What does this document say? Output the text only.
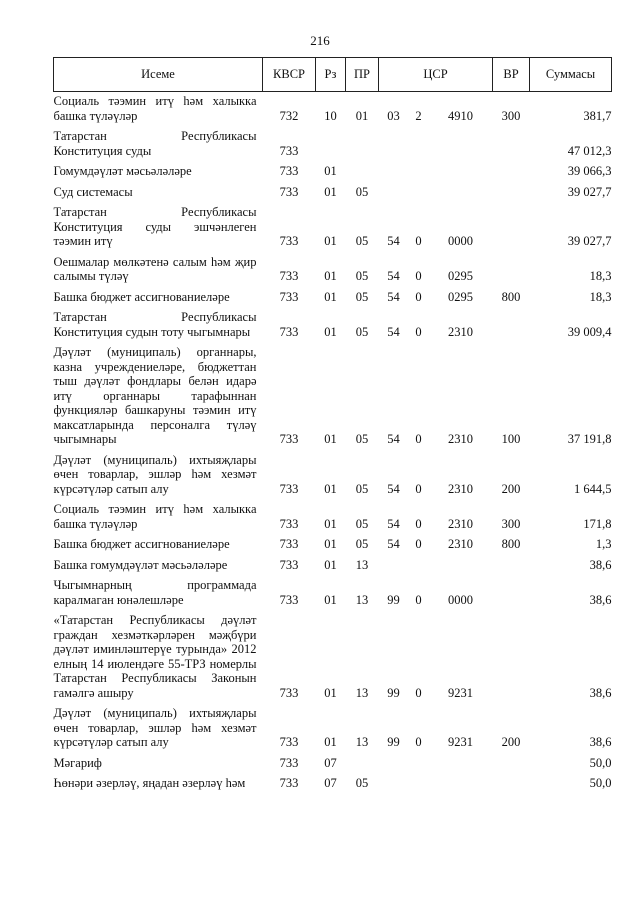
216
Исеме	КВСР	Рз	ПР	ЦСР			ВР	Суммасы
Социаль тәэмин итү һәм халыкка башка түләүләр	732	10	01	03	2	4910	300	381,7
Татарстан Республикасы Конституция суды	733							47 012,3
Гомумдәүләт мәсьәләләре	733	01						39 066,3
Суд системасы	733	01	05					39 027,7
Татарстан Республикасы Конституция суды эшчәнлеген тәэмин итү	733	01	05	54	0	0000		39 027,7
Оешмалар мөлкәтенә салым һәм җир салымы түләү	733	01	05	54	0	0295		18,3
Башка бюджет ассигнованиеләре	733	01	05	54	0	0295	800	18,3
Татарстан Республикасы Конституция судын тоту чыгымнары	733	01	05	54	0	2310		39 009,4
Дәүләт (муниципаль) органнары, казна учреждениеләре, бюджеттан тыш дәүләт фондлары белән идарә итү органнары тарафыннан функцияләр башкаруны тәэмин итү максатларында персоналга түләү чыгымнары	733	01	05	54	0	2310	100	37 191,8
Дәүләт (муниципаль) ихтыяҗлары өчен товарлар, эшләр һәм хезмәт күрсәтүләр сатып алу	733	01	05	54	0	2310	200	1 644,5
Социаль тәэмин итү һәм халыкка башка түләүләр	733	01	05	54	0	2310	300	171,8
Башка бюджет ассигнованиеләре	733	01	05	54	0	2310	800	1,3
Башка гомумдәүләт мәсьәләләре	733	01	13					38,6
Чыгымнарның программада каралмаган юнәлешләре	733	01	13	99	0	0000		38,6
«Татарстан Республикасы дәүләт граждан хезмәткәрләрен мәҗбүри дәүләт иминләштерүе турында» 2012 елның 14 июлендәге 55-ТРЗ номерлы Татарстан Республикасы Законын гамәлгә ашыру	733	01	13	99	0	9231		38,6
Дәүләт (муниципаль) ихтыяҗлары өчен товарлар, эшләр һәм хезмәт күрсәтүләр сатып алу	733	01	13	99	0	9231	200	38,6
Мәгариф	733	07						50,0
Һөнәри әзерләү, яңадан әзерләү һәм	733	07	05					50,0
